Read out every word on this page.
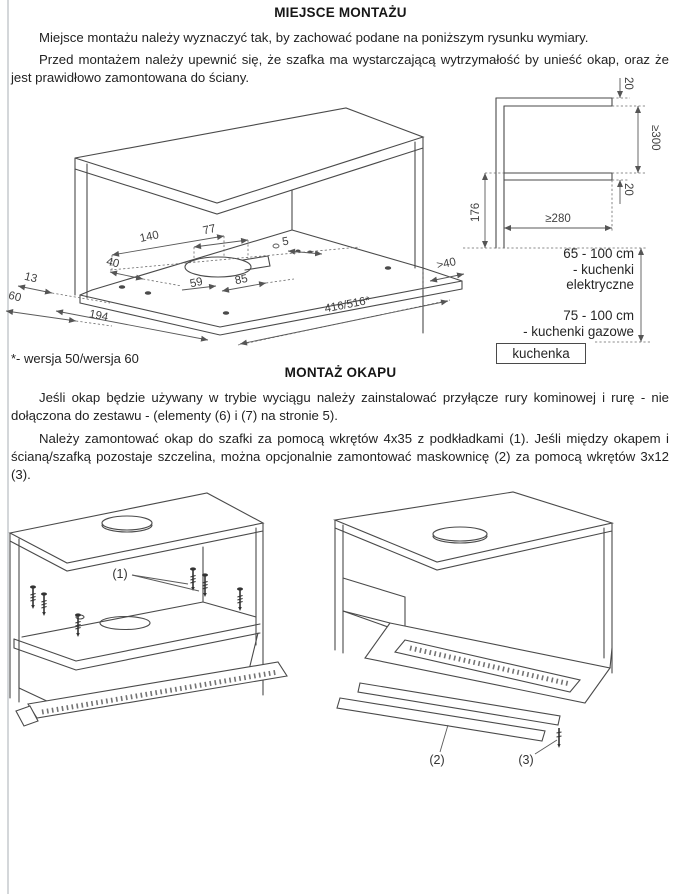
MIEJSCE MONTAŻU
Miejsce montażu należy wyznaczyć tak, by zachować podane na poniższym rysunku wymiary.
Przed montażem należy upewnić się, że szafka ma wystarczającą wytrzymałość by unieść okap, oraz że jest prawidłowo zamontowana do ściany.
140	77
40
13
60
194
59	85
5
>40
416/516*
20
≥300
20
176	≥280
65 - 100 cm
- kuchenki
elektryczne
75 - 100 cm
- kuchenki gazowe
kuchenka
*- wersja 50/wersja 60
MONTAŻ OKAPU
Jeśli okap będzie używany w trybie wyciągu należy zainstalować przyłącze rury kominowej i rurę - nie dołączona do zestawu - (elementy (6) i (7) na stronie 5).
Należy zamontować okap do szafki za pomocą wkrętów 4x35 z podkładkami (1). Jeśli między okapem i ścianą/szafką pozostaje szczelina, można opcjonalnie zamontować maskownicę (2) za pomocą wkrętów 3x12 (3).
(1)
(2)	(3)
